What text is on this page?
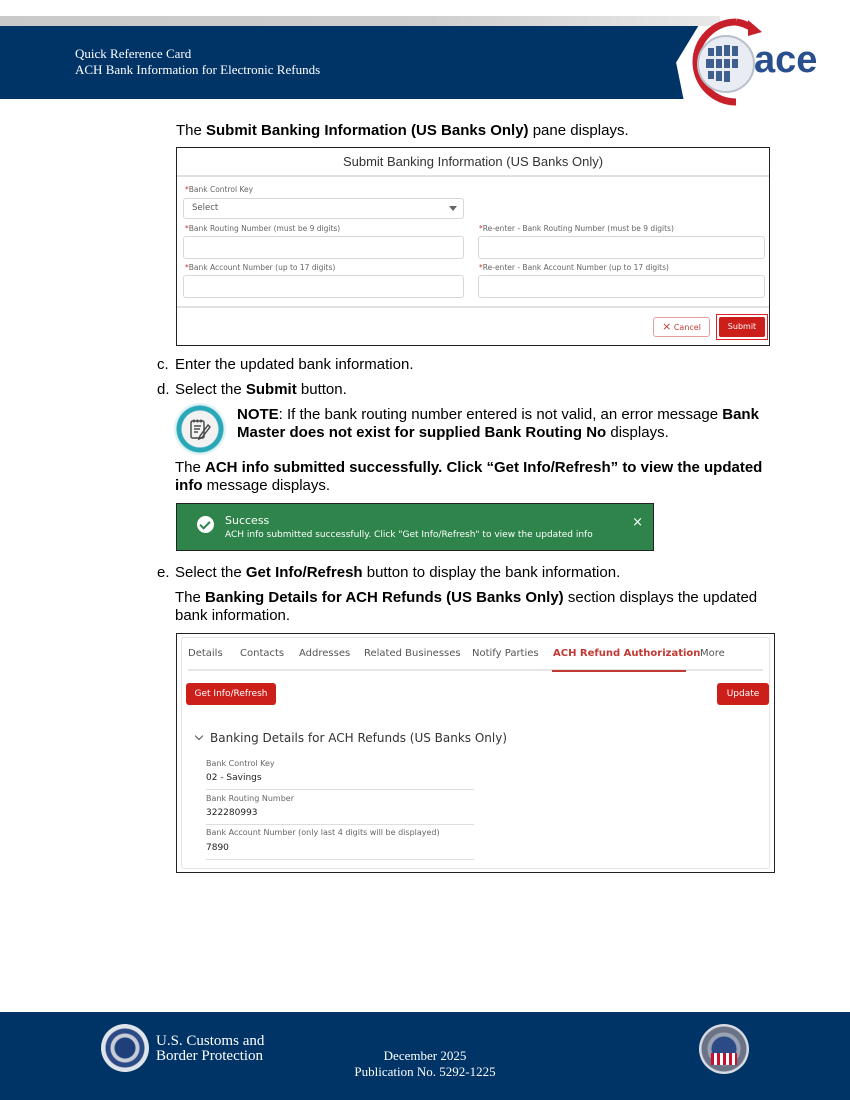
Quick Reference Card
ACH Bank Information for Electronic Refunds	ace
The Submit Banking Information (US Banks Only) pane displays.
Submit Banking Information (US Banks Only)
*Bank Control Key
Select
*Bank Routing Number (must be 9 digits)	*Re-enter - Bank Routing Number (must be 9 digits)
*Bank Account Number (up to 17 digits)	*Re-enter - Bank Account Number (up to 17 digits)
× Cancel	Submit
c. Enter the updated bank information.
d. Select the Submit button.
NOTE: If the bank routing number entered is not valid, an error message Bank
Master does not exist for supplied Bank Routing No displays.
The ACH info submitted successfully. Click “Get Info/Refresh” to view the updated
info message displays.
Success
ACH info submitted successfully. Click "Get Info/Refresh" to view the updated info
×
e. Select the Get Info/Refresh button to display the bank information.
The Banking Details for ACH Refunds (US Banks Only) section displays the updated
bank information.
Details Contacts Addresses Related Businesses Notify Parties ACH Refund Authorization More
Get Info/Refresh	Update
Banking Details for ACH Refunds (US Banks Only)
Bank Control Key
02 - Savings
Bank Routing Number
322280993
Bank Account Number (only last 4 digits will be displayed)
7890
U.S. Customs and
Border Protection	December 2025
Publication No. 5292-1225
